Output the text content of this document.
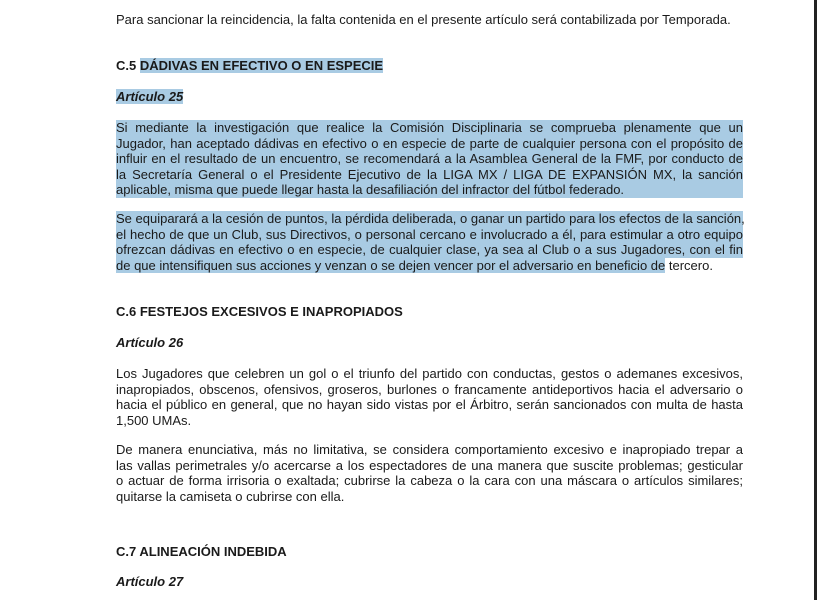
Para sancionar la reincidencia, la falta contenida en el presente artículo será contabilizada por Temporada.
C.5 DÁDIVAS EN EFECTIVO O EN ESPECIE
Artículo 25
Si mediante la investigación que realice la Comisión Disciplinaria se comprueba plenamente que un
Jugador, han aceptado dádivas en efectivo o en especie de parte de cualquier persona con el propósito de
influir en el resultado de un encuentro, se recomendará a la Asamblea General de la FMF, por conducto de
la Secretaría General o el Presidente Ejecutivo de la LIGA MX / LIGA DE EXPANSIÓN MX, la sanción
aplicable, misma que puede llegar hasta la desafiliación del infractor del fútbol federado.
Se equiparará a la cesión de puntos, la pérdida deliberada, o ganar un partido para los efectos de la sanción,
el hecho de que un Club, sus Directivos, o personal cercano e involucrado a él, para estimular a otro equipo
ofrezcan dádivas en efectivo o en especie, de cualquier clase, ya sea al Club o a sus Jugadores, con el fin
de que intensifiquen sus acciones y venzan o se dejen vencer por el adversario en beneficio de tercero.
C.6 FESTEJOS EXCESIVOS E INAPROPIADOS
Artículo 26
Los Jugadores que celebren un gol o el triunfo del partido con conductas, gestos o ademanes excesivos,
inapropiados, obscenos, ofensivos, groseros, burlones o francamente antideportivos hacia el adversario o
hacia el público en general, que no hayan sido vistas por el Árbitro, serán sancionados con multa de hasta
1,500 UMAs.
De manera enunciativa, más no limitativa, se considera comportamiento excesivo e inapropiado trepar a
las vallas perimetrales y/o acercarse a los espectadores de una manera que suscite problemas; gesticular
o actuar de forma irrisoria o exaltada; cubrirse la cabeza o la cara con una máscara o artículos similares;
quitarse la camiseta o cubrirse con ella.
C.7 ALINEACIÓN INDEBIDA
Artículo 27
